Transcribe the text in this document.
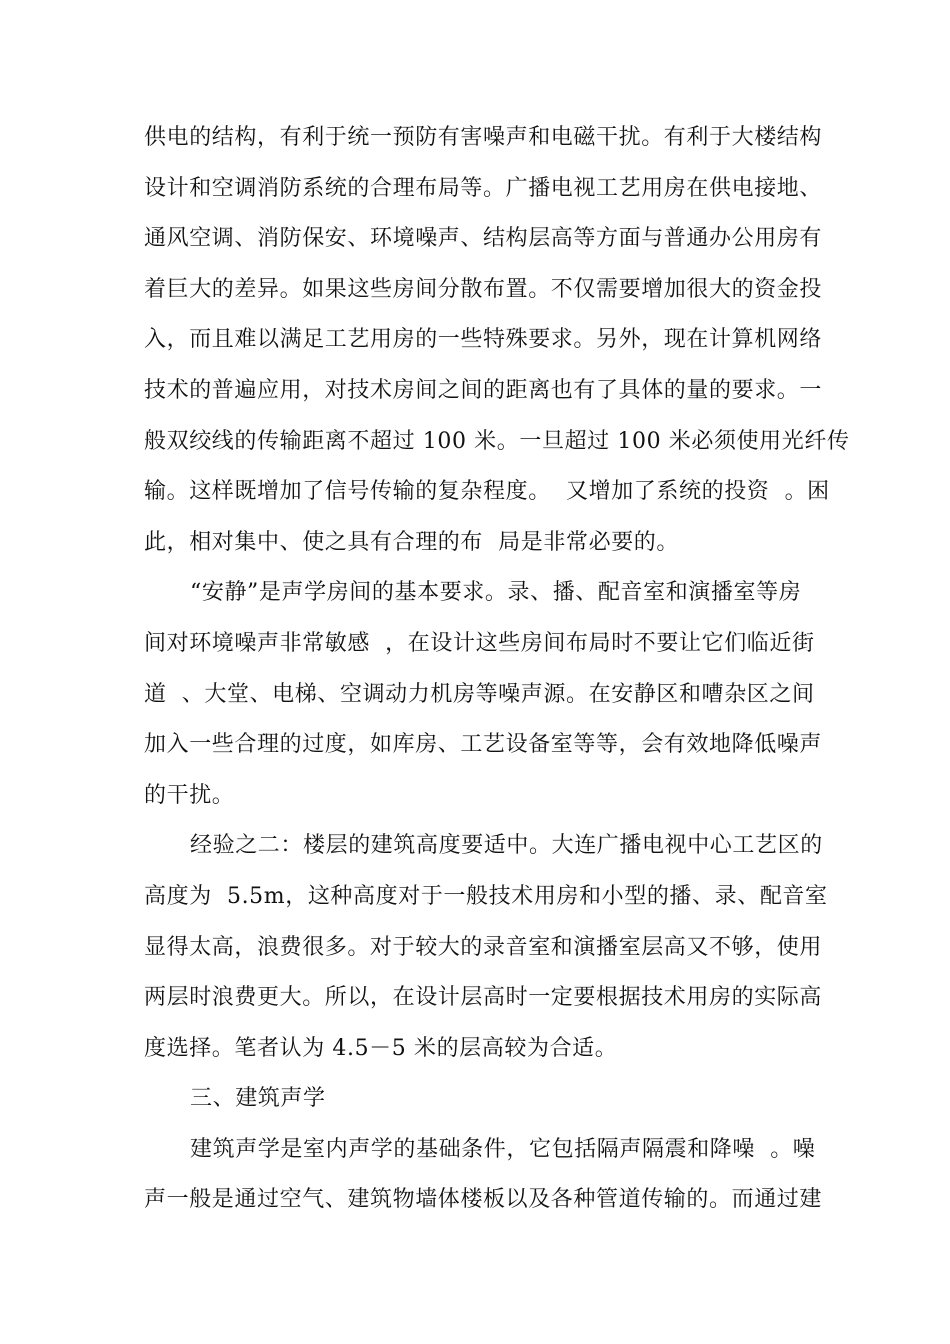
供电的结构，有利于统一预防有害噪声和电磁干扰。有利于大楼结构
设计和空调消防系统的合理布局等。广播电视工艺用房在供电接地、
通风空调、消防保安、环境噪声、结构层高等方面与普通办公用房有
着巨大的差异。如果这些房间分散布置。不仅需要增加很大的资金投
入，而且难以满足工艺用房的一些特殊要求。另外，现在计算机网络
技术的普遍应用，对技术房间之间的距离也有了具体的量的要求。一
般双绞线的传输距离不超过 100 米。一旦超过 100 米必须使用光纤传
输。这样既增加了信号传输的复杂程度。  又增加了系统的投资  。困
此，相对集中、使之具有合理的布  局是非常必要的。
“安静”是声学房间的基本要求。录、播、配音室和演播室等房
间对环境噪声非常敏感  ，在设计这些房间布局时不要让它们临近街
道  、大堂、电梯、空调动力机房等噪声源。在安静区和嘈杂区之间
加入一些合理的过度，如库房、工艺设备室等等，会有效地降低噪声
的干扰。
经验之二：楼层的建筑高度要适中。大连广播电视中心工艺区的
高度为  5.5m，这种高度对于一般技术用房和小型的播、录、配音室
显得太高，浪费很多。对于较大的录音室和演播室层高又不够，使用
两层时浪费更大。所以，在设计层高时一定要根据技术用房的实际高
度选择。笔者认为 4.5－5 米的层高较为合适。
三、建筑声学
建筑声学是室内声学的基础条件，它包括隔声隔震和降噪  。噪
声一般是通过空气、建筑物墙体楼板以及各种管道传输的。而通过建
